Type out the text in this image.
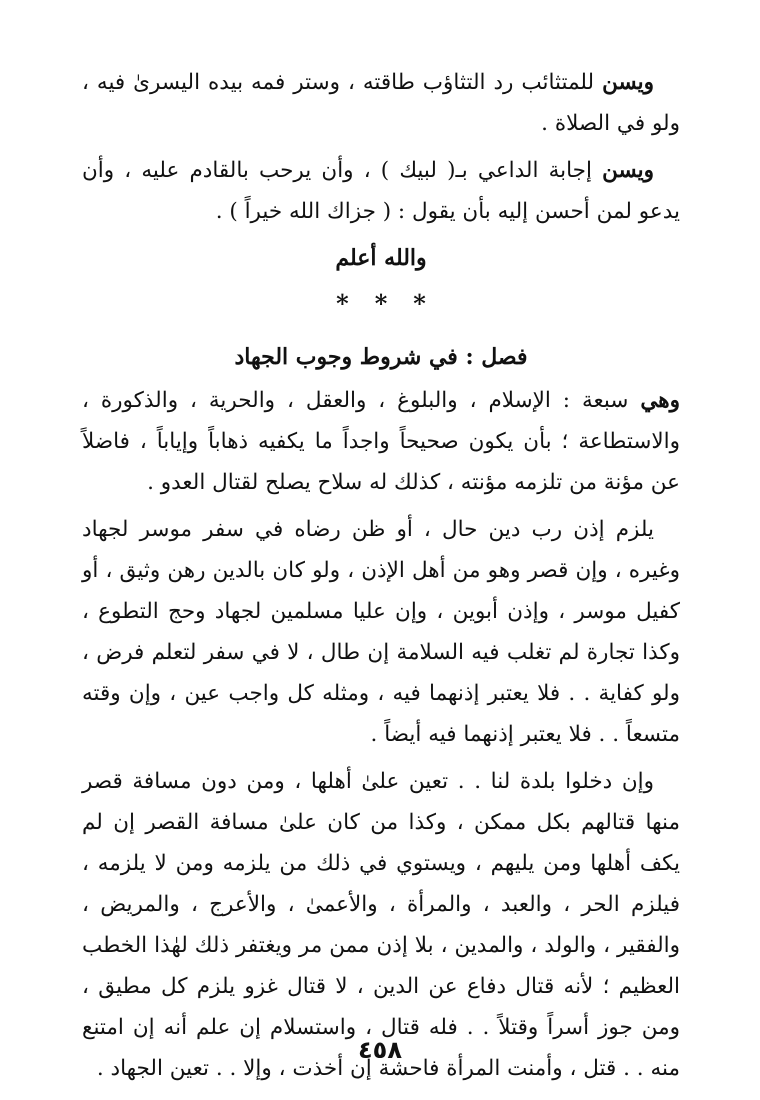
ويسن للمتثائب رد التثاؤب طاقته ، وستر فمه بيده اليسرىٰ فيه ، ولو في الصلاة .

ويسن إجابة الداعي بـ( لبيك ) ، وأن يرحب بالقادم عليه ، وأن يدعو لمن أحسن إليه بأن يقول : ( جزاك الله خيراً ) .

والله أعلم

* * *
فصل : في شروط وجوب الجهاد

وهي سبعة : الإسلام ، والبلوغ ، والعقل ، والحرية ، والذكورة ، والاستطاعة ؛ بأن يكون صحيحاً واجداً ما يكفيه ذهاباً وإياباً ، فاضلاً عن مؤنة من تلزمه مؤنته ، كذلك له سلاح يصلح لقتال العدو .

يلزم إذن رب دين حال ، أو ظن رضاه في سفر موسر لجهاد وغيره ، وإن قصر وهو من أهل الإذن ، ولو كان بالدين رهن وثيق ، أو كفيل موسر ، وإذن أبوين ، وإن عليا مسلمين لجهاد وحج التطوع ، وكذا تجارة لم تغلب فيه السلامة إن طال ، لا في سفر لتعلم فرض ، ولو كفاية . . فلا يعتبر إذنهما فيه ، ومثله كل واجب عين ، وإن وقته متسعاً . . فلا يعتبر إذنهما فيه أيضاً .

وإن دخلوا بلدة لنا . . تعين علىٰ أهلها ، ومن دون مسافة قصر منها قتالهم بكل ممكن ، وكذا من كان علىٰ مسافة القصر إن لم يكف أهلها ومن يليهم ، ويستوي في ذلك من يلزمه ومن لا يلزمه ، فيلزم الحر ، والعبد ، والمرأة ، والأعمىٰ ، والأعرج ، والمريض ، والفقير ، والولد ، والمدين ، بلا إذن ممن مر ويغتفر ذلك لهٰذا الخطب العظيم ؛ لأنه قتال دفاع عن الدين ، لا قتال غزو يلزم كل مطيق ، ومن جوز أسراً وقتلاً . . فله قتال ، واستسلام إن علم أنه إن امتنع منه . . قتل ، وأمنت المرأة فاحشة إن أخذت ، وإلا . . تعين الجهاد .

٤٥٨
